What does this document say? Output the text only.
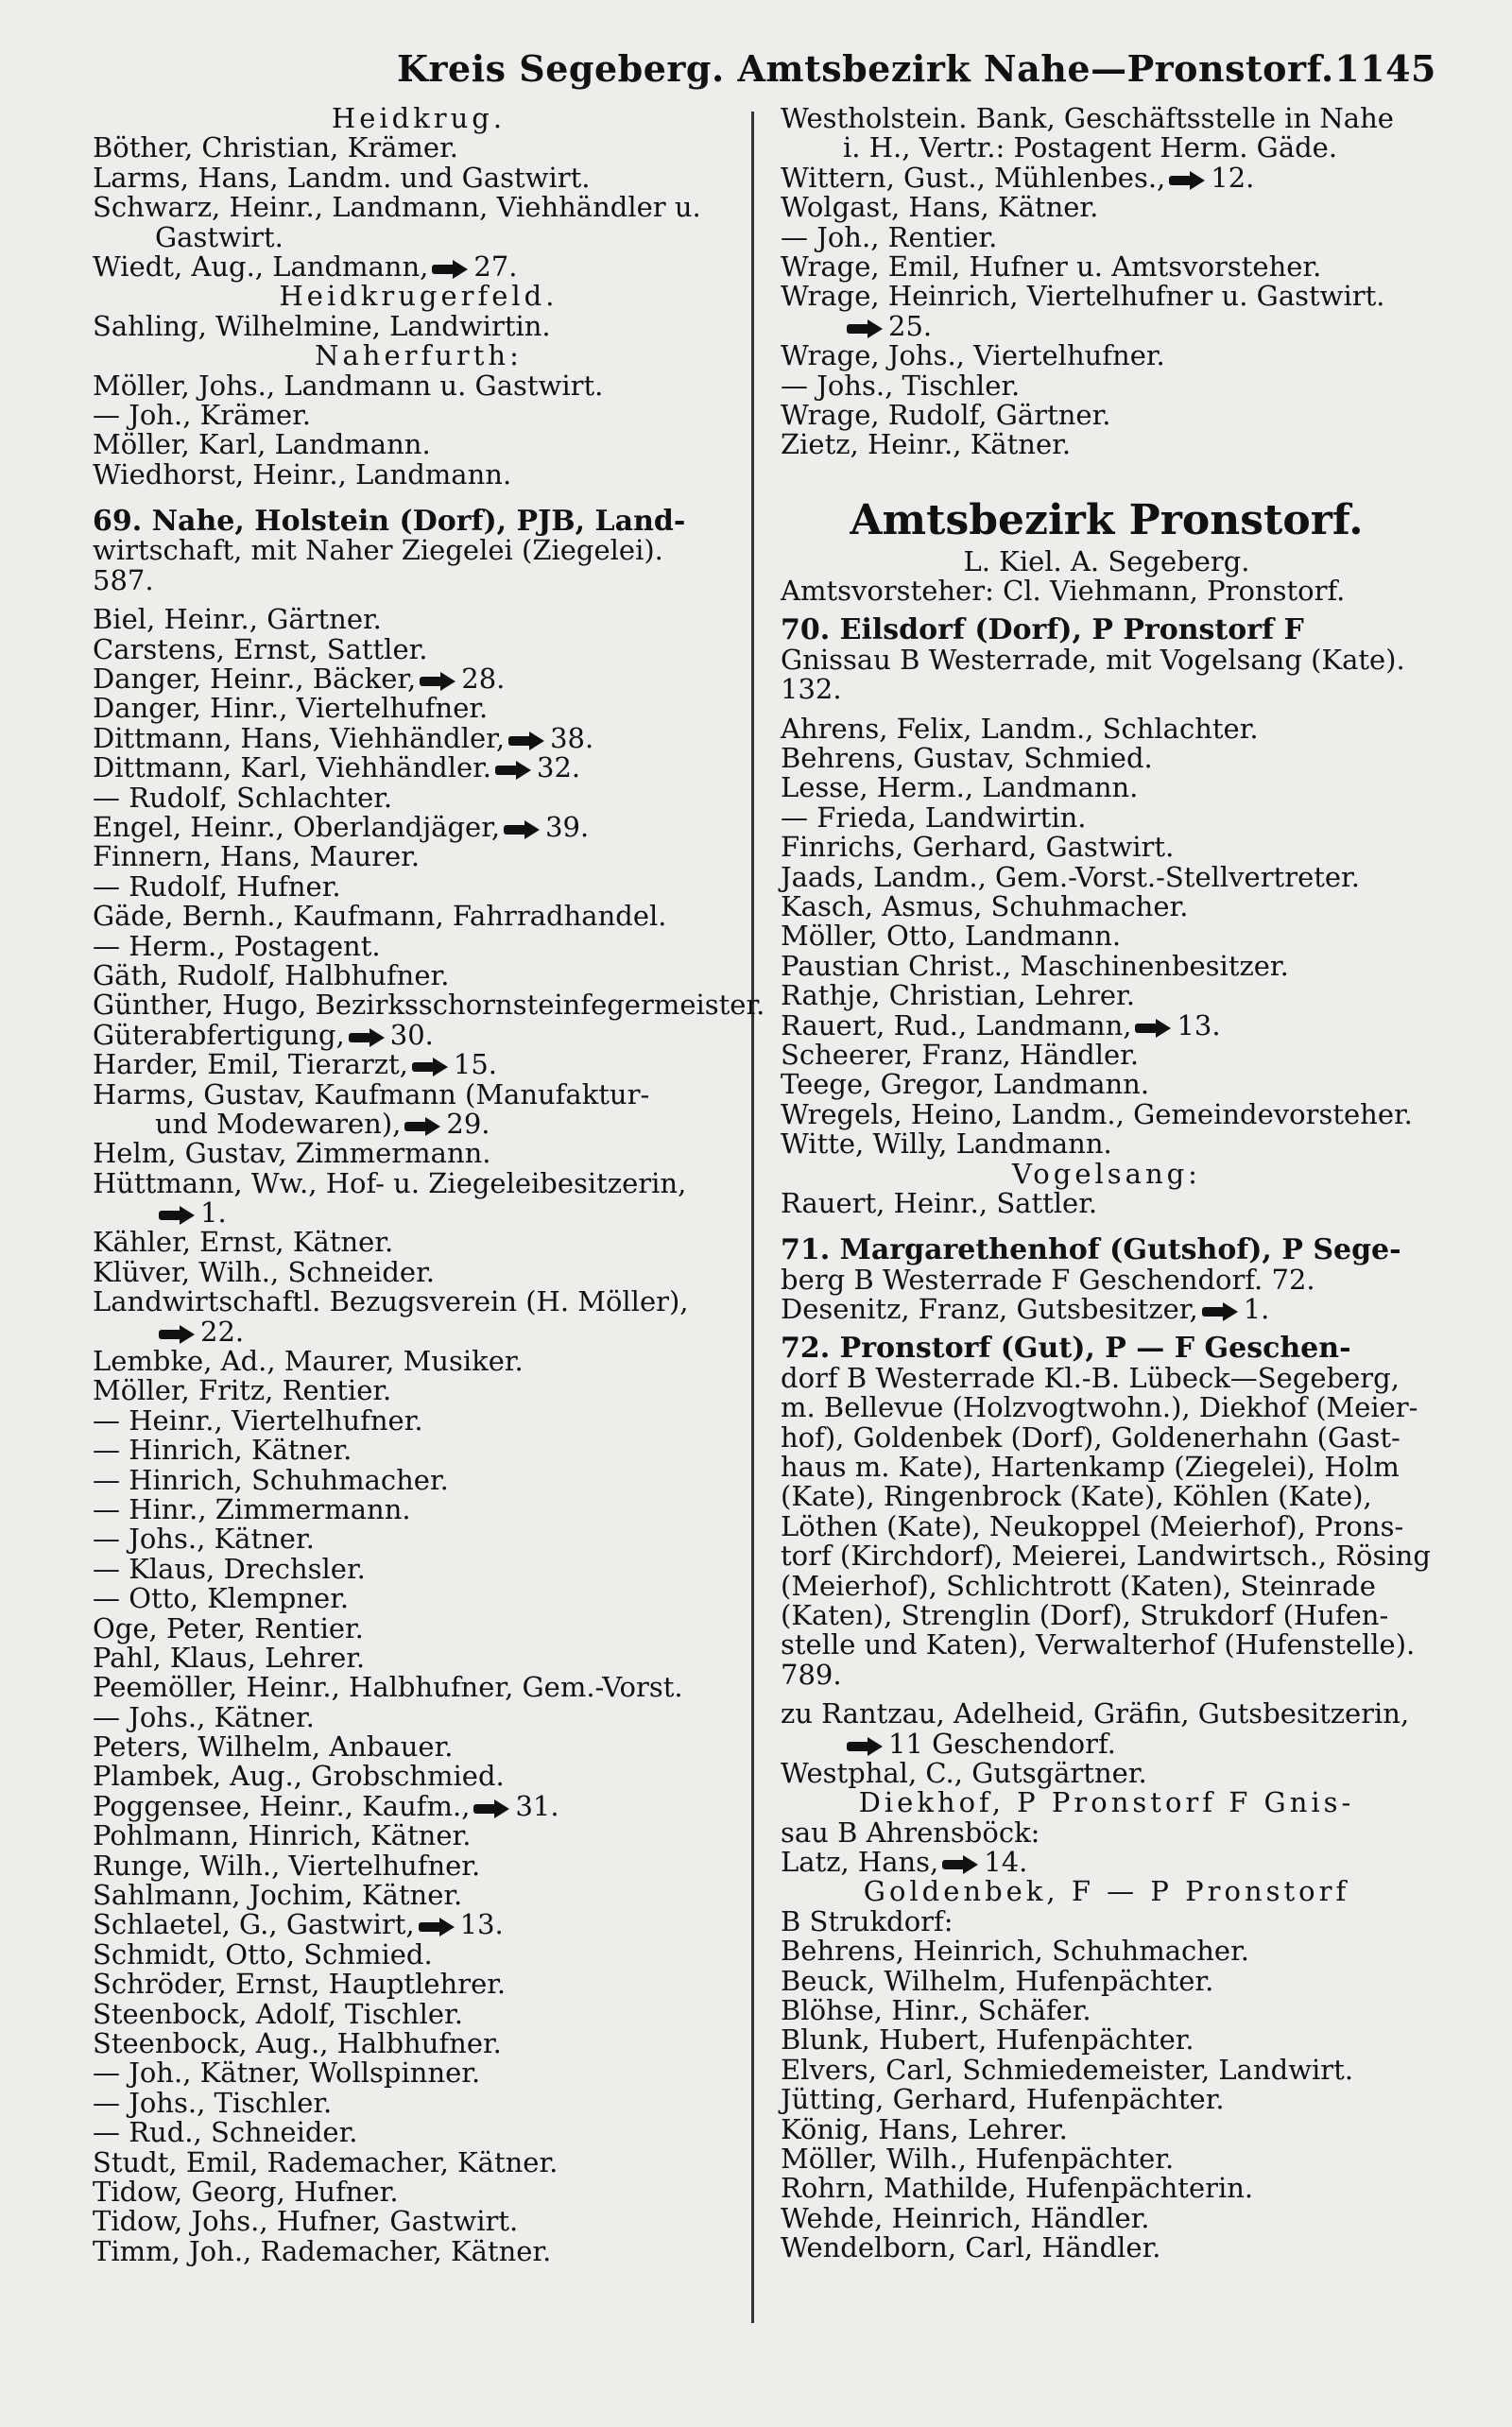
Kreis Segeberg. Amtsbezirk Nahe—Pronstorf. 1145
Heidkrug.
Böther, Christian, Krämer.
Larms, Hans, Landm. und Gastwirt.
Schwarz, Heinr., Landmann, Viehhändler u.
Gastwirt.
Wiedt, Aug., Landmann, 27.
Heidkrugerfeld.
Sahling, Wilhelmine, Landwirtin.
Naherfurth:
Möller, Johs., Landmann u. Gastwirt.
— Joh., Krämer.
Möller, Karl, Landmann.
Wiedhorst, Heinr., Landmann.
69. Nahe, Holstein (Dorf), PJB, Land-
wirtschaft, mit Naher Ziegelei (Ziegelei).
587.
Biel, Heinr., Gärtner.
Carstens, Ernst, Sattler.
Danger, Heinr., Bäcker, 28.
Danger, Hinr., Viertelhufner.
Dittmann, Hans, Viehhändler, 38.
Dittmann, Karl, Viehhändler. 32.
— Rudolf, Schlachter.
Engel, Heinr., Oberlandjäger, 39.
Finnern, Hans, Maurer.
— Rudolf, Hufner.
Gäde, Bernh., Kaufmann, Fahrradhandel.
— Herm., Postagent.
Gäth, Rudolf, Halbhufner.
Günther, Hugo, Bezirksschornsteinfegermeister.
Güterabfertigung, 30.
Harder, Emil, Tierarzt, 15.
Harms, Gustav, Kaufmann (Manufaktur-
und Modewaren), 29.
Helm, Gustav, Zimmermann.
Hüttmann, Ww., Hof- u. Ziegeleibesitzerin,
1.
Kähler, Ernst, Kätner.
Klüver, Wilh., Schneider.
Landwirtschaftl. Bezugsverein (H. Möller),
22.
Lembke, Ad., Maurer, Musiker.
Möller, Fritz, Rentier.
— Heinr., Viertelhufner.
— Hinrich, Kätner.
— Hinrich, Schuhmacher.
— Hinr., Zimmermann.
— Johs., Kätner.
— Klaus, Drechsler.
— Otto, Klempner.
Oge, Peter, Rentier.
Pahl, Klaus, Lehrer.
Peemöller, Heinr., Halbhufner, Gem.-Vorst.
— Johs., Kätner.
Peters, Wilhelm, Anbauer.
Plambek, Aug., Grobschmied.
Poggensee, Heinr., Kaufm., 31.
Pohlmann, Hinrich, Kätner.
Runge, Wilh., Viertelhufner.
Sahlmann, Jochim, Kätner.
Schlaetel, G., Gastwirt, 13.
Schmidt, Otto, Schmied.
Schröder, Ernst, Hauptlehrer.
Steenbock, Adolf, Tischler.
Steenbock, Aug., Halbhufner.
— Joh., Kätner, Wollspinner.
— Johs., Tischler.
— Rud., Schneider.
Studt, Emil, Rademacher, Kätner.
Tidow, Georg, Hufner.
Tidow, Johs., Hufner, Gastwirt.
Timm, Joh., Rademacher, Kätner.
Westholstein. Bank, Geschäftsstelle in Nahe
i. H., Vertr.: Postagent Herm. Gäde.
Wittern, Gust., Mühlenbes., 12.
Wolgast, Hans, Kätner.
— Joh., Rentier.
Wrage, Emil, Hufner u. Amtsvorsteher.
Wrage, Heinrich, Viertelhufner u. Gastwirt.
25.
Wrage, Johs., Viertelhufner.
— Johs., Tischler.
Wrage, Rudolf, Gärtner.
Zietz, Heinr., Kätner.
Amtsbezirk Pronstorf.
L. Kiel. A. Segeberg.
Amtsvorsteher: Cl. Viehmann, Pronstorf.
70. Eilsdorf (Dorf), P Pronstorf F
Gnissau B Westerrade, mit Vogelsang (Kate).
132.
Ahrens, Felix, Landm., Schlachter.
Behrens, Gustav, Schmied.
Lesse, Herm., Landmann.
— Frieda, Landwirtin.
Finrichs, Gerhard, Gastwirt.
Jaads, Landm., Gem.-Vorst.-Stellvertreter.
Kasch, Asmus, Schuhmacher.
Möller, Otto, Landmann.
Paustian Christ., Maschinenbesitzer.
Rathje, Christian, Lehrer.
Rauert, Rud., Landmann, 13.
Scheerer, Franz, Händler.
Teege, Gregor, Landmann.
Wregels, Heino, Landm., Gemeindevorsteher.
Witte, Willy, Landmann.
Vogelsang:
Rauert, Heinr., Sattler.
71. Margarethenhof (Gutshof), P Sege-
berg B Westerrade F Geschendorf. 72.
Desenitz, Franz, Gutsbesitzer, 1.
72. Pronstorf (Gut), P — F Geschen-
dorf B Westerrade Kl.-B. Lübeck—Segeberg,
m. Bellevue (Holzvogtwohn.), Diekhof (Meier-
hof), Goldenbek (Dorf), Goldenerhahn (Gast-
haus m. Kate), Hartenkamp (Ziegelei), Holm
(Kate), Ringenbrock (Kate), Köhlen (Kate),
Löthen (Kate), Neukoppel (Meierhof), Prons-
torf (Kirchdorf), Meierei, Landwirtsch., Rösing
(Meierhof), Schlichtrott (Katen), Steinrade
(Katen), Strenglin (Dorf), Strukdorf (Hufen-
stelle und Katen), Verwalterhof (Hufenstelle).
789.
zu Rantzau, Adelheid, Gräfin, Gutsbesitzerin,
11 Geschendorf.
Westphal, C., Gutsgärtner.
Diekhof, P Pronstorf F Gnis-
sau B Ahrensböck:
Latz, Hans, 14.
Goldenbek, F — P Pronstorf
B Strukdorf:
Behrens, Heinrich, Schuhmacher.
Beuck, Wilhelm, Hufenpächter.
Blöhse, Hinr., Schäfer.
Blunk, Hubert, Hufenpächter.
Elvers, Carl, Schmiedemeister, Landwirt.
Jütting, Gerhard, Hufenpächter.
König, Hans, Lehrer.
Möller, Wilh., Hufenpächter.
Rohrn, Mathilde, Hufenpächterin.
Wehde, Heinrich, Händler.
Wendelborn, Carl, Händler.
